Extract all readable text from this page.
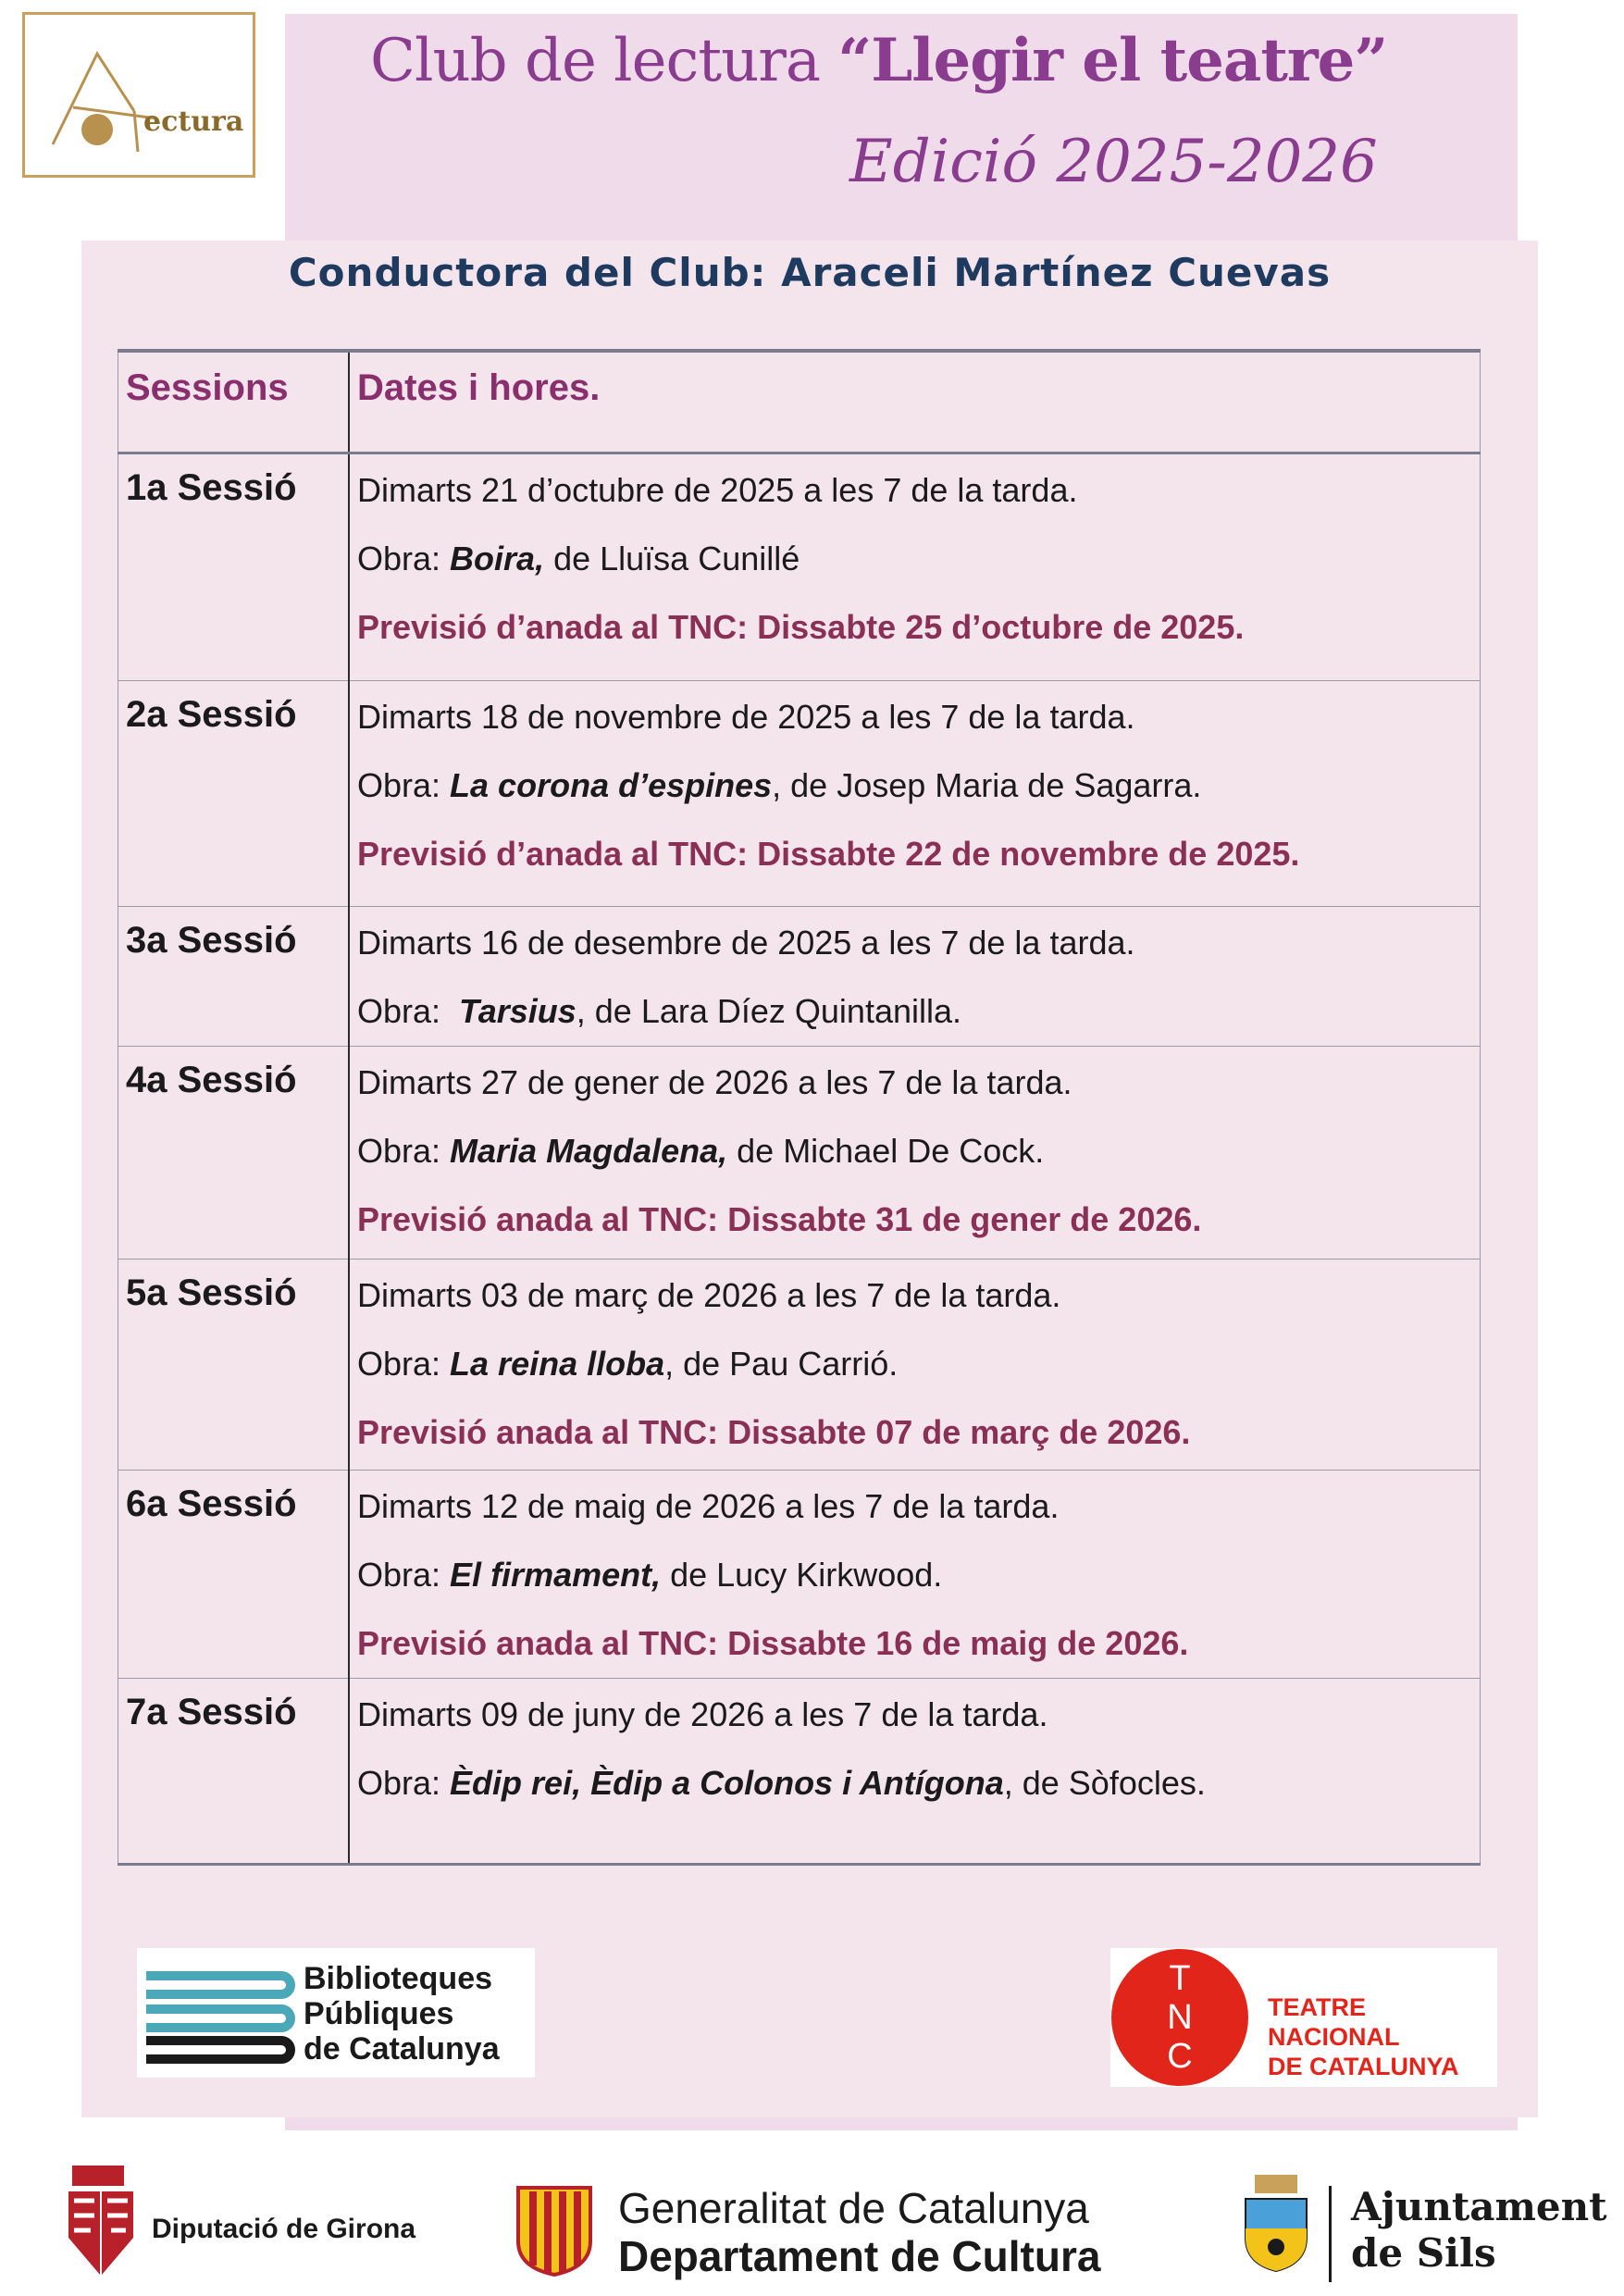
ectura
Club de lectura “Llegir el teatre”
Edició 2025-2026
Conductora del Club: Araceli Martínez Cuevas
Sessions	Dates i hores.

1a Sessió	Dimarts 21 d’octubre de 2025 a les 7 de la tarda.
Obra: Boira, de Lluïsa Cunillé
Previsió d’anada al TNC: Dissabte 25 d’octubre de 2025.

2a Sessió	Dimarts 18 de novembre de 2025 a les 7 de la tarda.
Obra: La corona d’espines, de Josep Maria de Sagarra.
Previsió d’anada al TNC: Dissabte 22 de novembre de 2025.

3a Sessió	Dimarts 16 de desembre de 2025 a les 7 de la tarda.
Obra:  Tarsius, de Lara Díez Quintanilla.

4a Sessió	Dimarts 27 de gener de 2026 a les 7 de la tarda.
Obra: Maria Magdalena, de Michael De Cock.
Previsió anada al TNC: Dissabte 31 de gener de 2026.

5a Sessió	Dimarts 03 de març de 2026 a les 7 de la tarda.
Obra: La reina lloba, de Pau Carrió.
Previsió anada al TNC: Dissabte 07 de març de 2026.

6a Sessió	Dimarts 12 de maig de 2026 a les 7 de la tarda.
Obra: El firmament, de Lucy Kirkwood.
Previsió anada al TNC: Dissabte 16 de maig de 2026.

7a Sessió	Dimarts 09 de juny de 2026 a les 7 de la tarda.
Obra: Èdip rei, Èdip a Colonos i Antígona, de Sòfocles.
Biblioteques
Públiques
de Catalunya
T
N
C
TEATRE NACIONAL
DE CATALUNYA
Diputació de Girona	Generalitat de Catalunya
Departament de Cultura
Ajuntament
de Sils
